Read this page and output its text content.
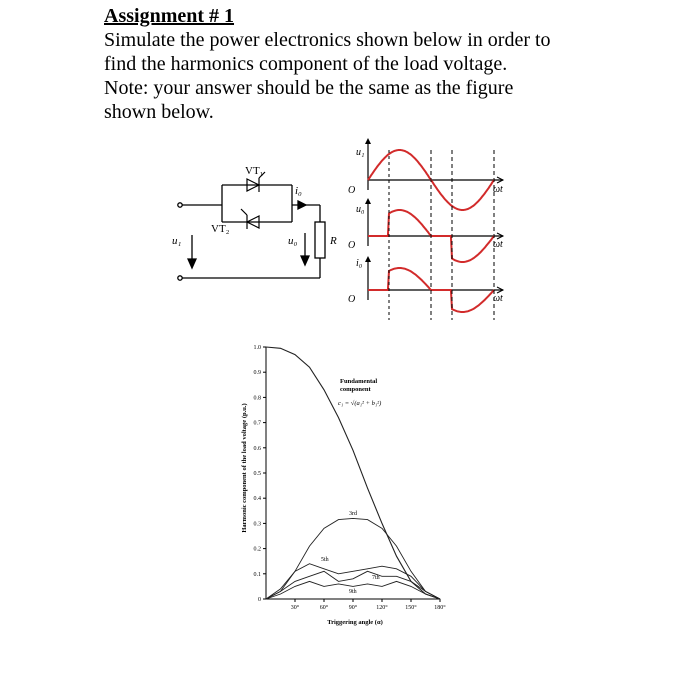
Assignment # 1

Simulate the power electronics shown below in order to

find the harmonics component of the load voltage.

Note: your answer should be the same as the figure

shown below.

VT₁
VT₂
i₀
u₁	u₀	R
u₁
u₀
i₀
O
O
O
ωt
ωt
ωt
0
0.1
0.2
0.3
0.4
0.5
0.6
0.7
0.8
0.9
1.0
30°	60°	90°	120°	150°	180°
Harmonic component of the load voltage (p.u.)
Triggering angle (α)
Fundamental
component
c₁ = √(a₁² + b₁²)
3rd
5th
7th
9th
